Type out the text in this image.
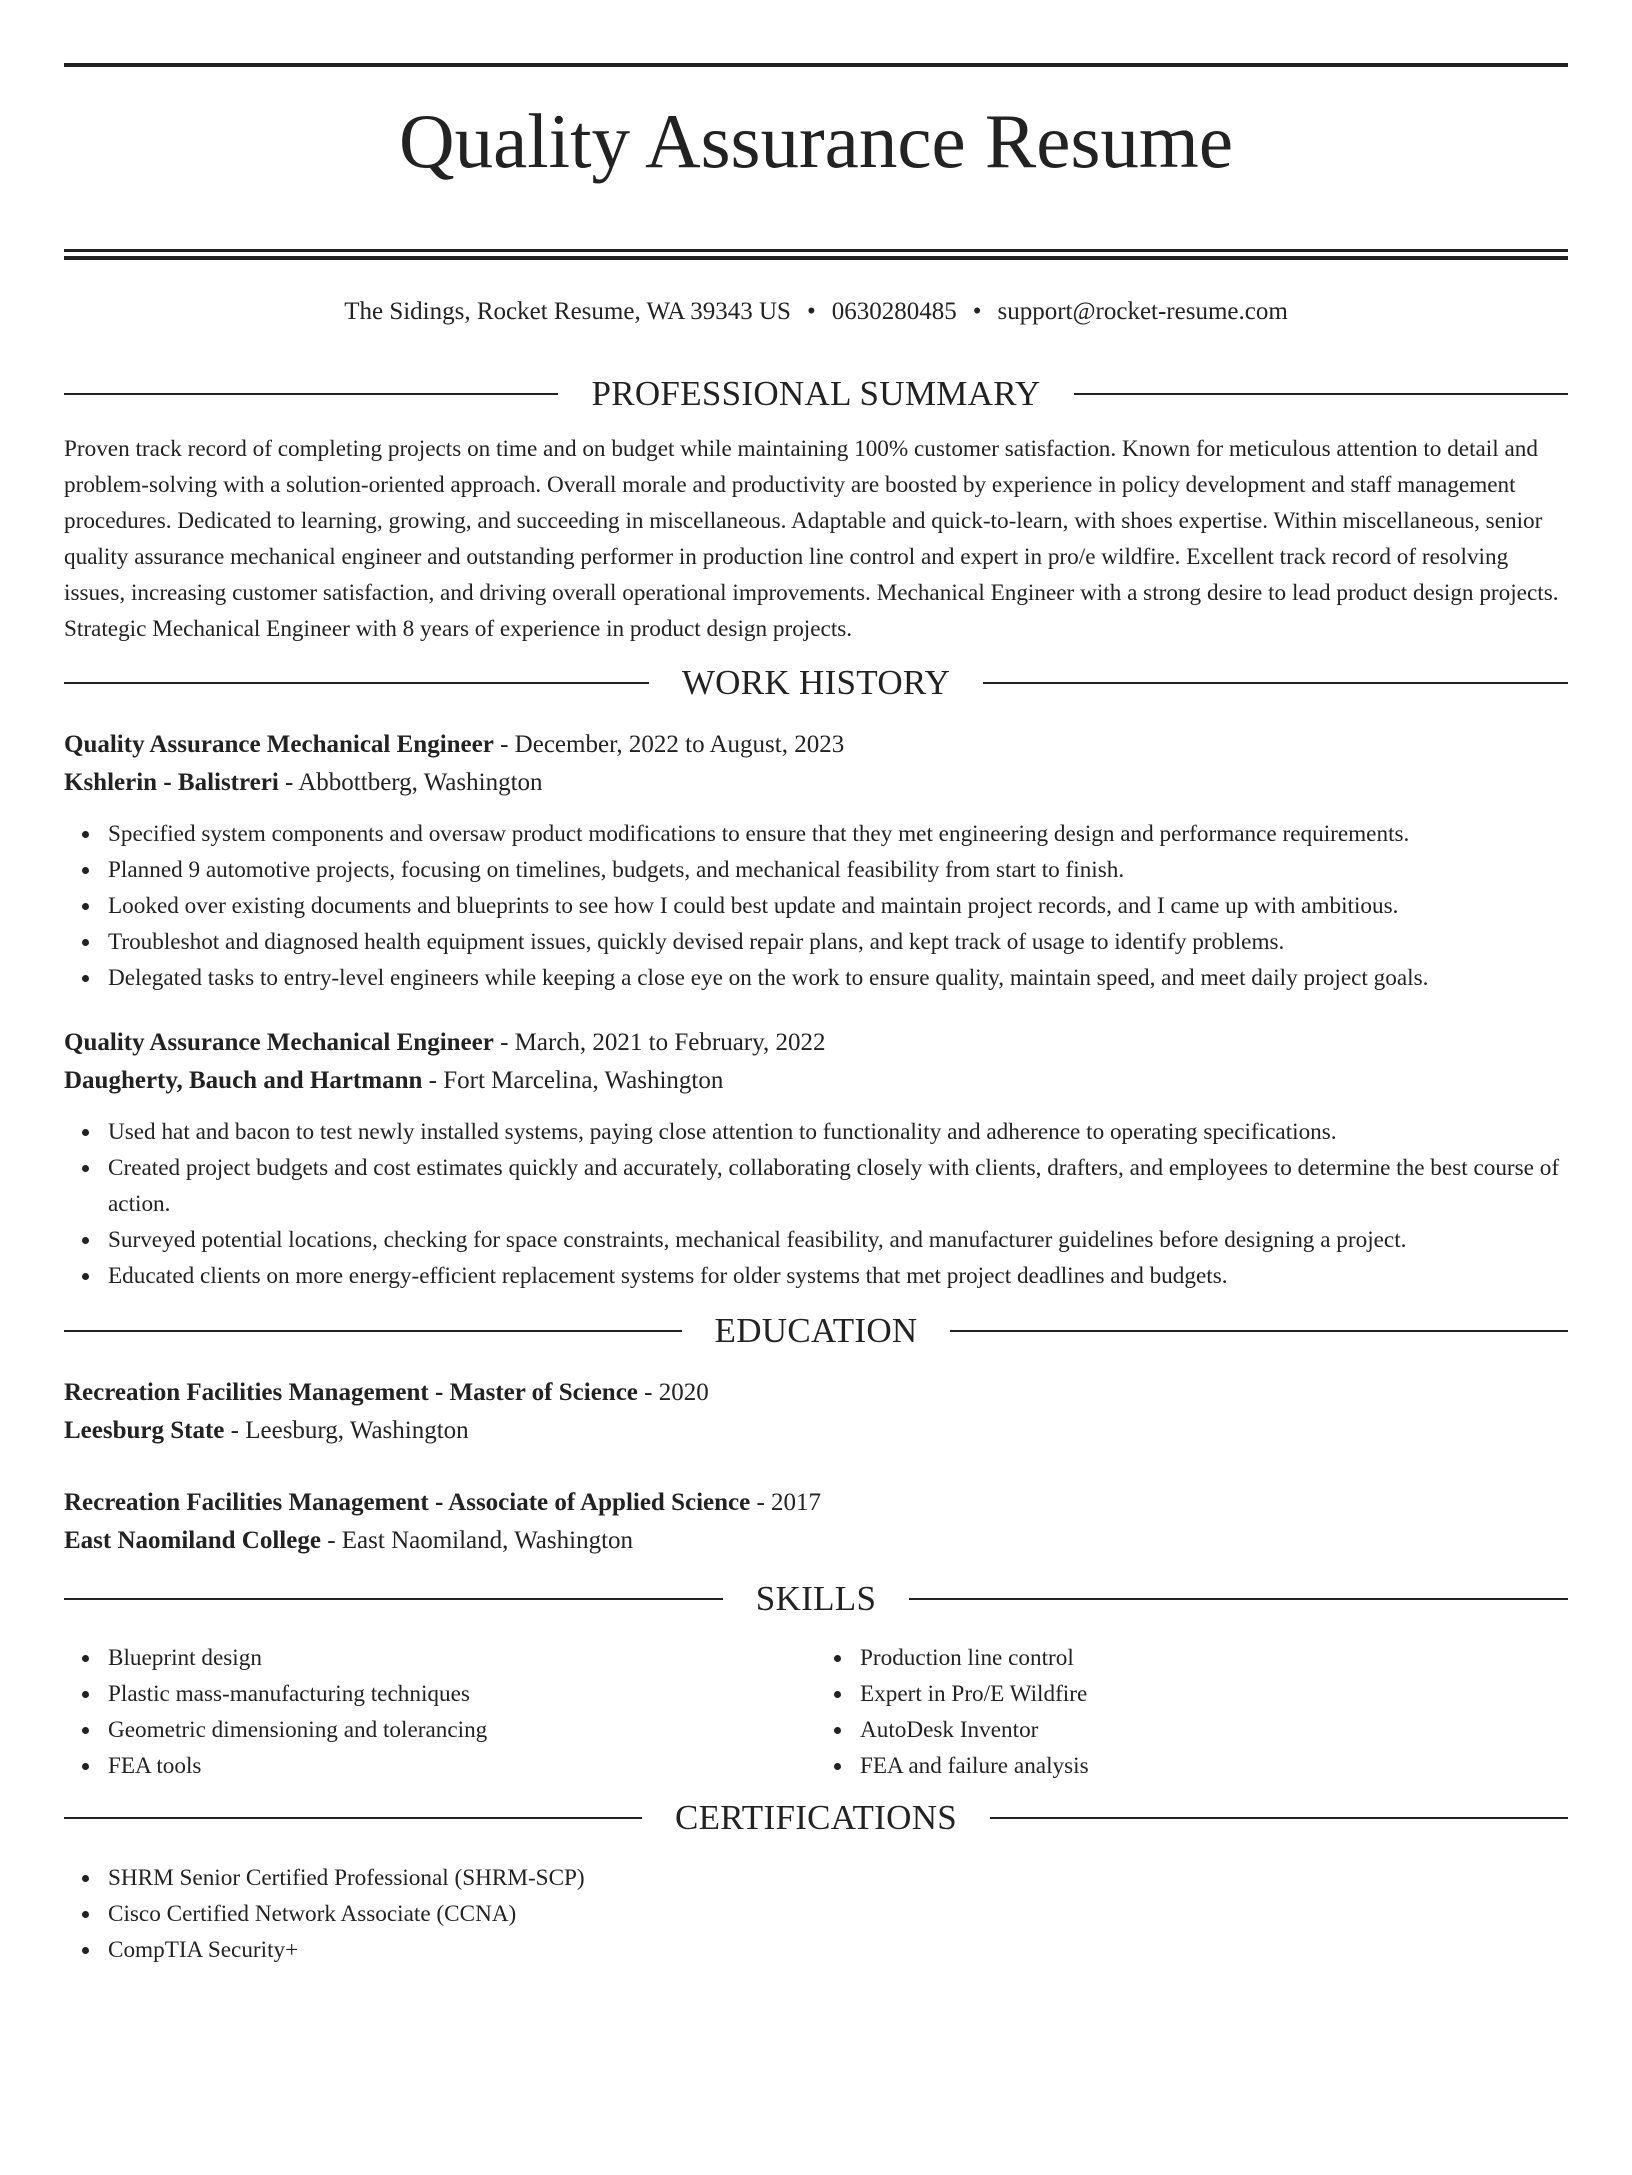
Quality Assurance Resume
The Sidings, Rocket Resume, WA 39343 US • 0630280485 • support@rocket-resume.com
PROFESSIONAL SUMMARY

Proven track record of completing projects on time and on budget while maintaining 100% customer satisfaction. Known for meticulous attention to detail and problem-solving with a solution-oriented approach. Overall morale and productivity are boosted by experience in policy development and staff management procedures. Dedicated to learning, growing, and succeeding in miscellaneous. Adaptable and quick-to-learn, with shoes expertise. Within miscellaneous, senior quality assurance mechanical engineer and outstanding performer in production line control and expert in pro/e wildfire. Excellent track record of resolving issues, increasing customer satisfaction, and driving overall operational improvements. Mechanical Engineer with a strong desire to lead product design projects. Strategic Mechanical Engineer with 8 years of experience in product design projects.

WORK HISTORY
Quality Assurance Mechanical Engineer - December, 2022 to August, 2023
Kshlerin - Balistreri - Abbottberg, Washington
Specified system components and oversaw product modifications to ensure that they met engineering design and performance requirements.
Planned 9 automotive projects, focusing on timelines, budgets, and mechanical feasibility from start to finish.
Looked over existing documents and blueprints to see how I could best update and maintain project records, and I came up with ambitious.
Troubleshot and diagnosed health equipment issues, quickly devised repair plans, and kept track of usage to identify problems.
Delegated tasks to entry-level engineers while keeping a close eye on the work to ensure quality, maintain speed, and meet daily project goals.
Quality Assurance Mechanical Engineer - March, 2021 to February, 2022
Daugherty, Bauch and Hartmann - Fort Marcelina, Washington
Used hat and bacon to test newly installed systems, paying close attention to functionality and adherence to operating specifications.
Created project budgets and cost estimates quickly and accurately, collaborating closely with clients, drafters, and employees to determine the best course of action.
Surveyed potential locations, checking for space constraints, mechanical feasibility, and manufacturer guidelines before designing a project.
Educated clients on more energy-efficient replacement systems for older systems that met project deadlines and budgets.
EDUCATION
Recreation Facilities Management - Master of Science - 2020
Leesburg State - Leesburg, Washington
Recreation Facilities Management - Associate of Applied Science - 2017
East Naomiland College - East Naomiland, Washington
SKILLS
Blueprint design
Plastic mass-manufacturing techniques
Geometric dimensioning and tolerancing
FEA tools
Production line control
Expert in Pro/E Wildfire
AutoDesk Inventor
FEA and failure analysis
CERTIFICATIONS
SHRM Senior Certified Professional (SHRM-SCP)
Cisco Certified Network Associate (CCNA)
CompTIA Security+
